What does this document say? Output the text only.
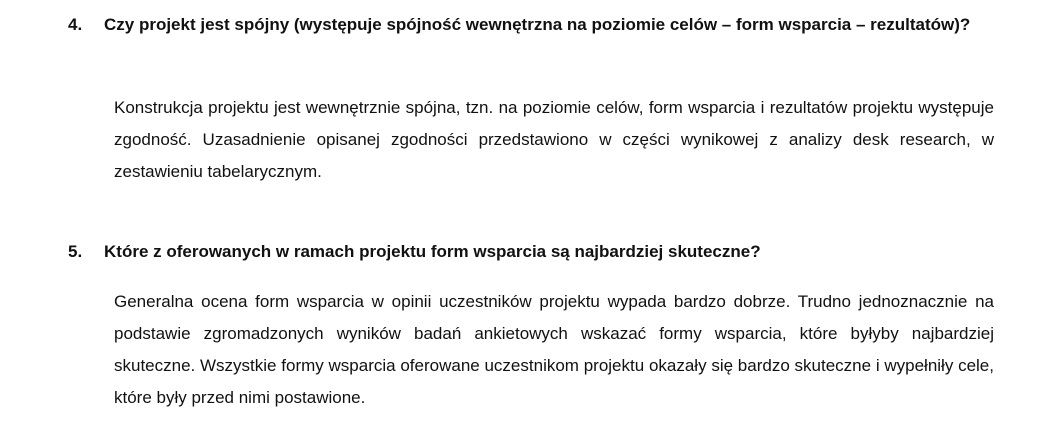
4. Czy projekt jest spójny (występuje spójność wewnętrzna na poziomie celów – form wsparcia – rezultatów)?
Konstrukcja projektu jest wewnętrznie spójna, tzn. na poziomie celów, form wsparcia i rezultatów projektu występuje zgodność. Uzasadnienie opisanej zgodności przedstawiono w części wynikowej z analizy desk research, w zestawieniu tabelarycznym.
5. Które z oferowanych w ramach projektu form wsparcia są najbardziej skuteczne?
Generalna ocena form wsparcia w opinii uczestników projektu wypada bardzo dobrze. Trudno jednoznacznie na podstawie zgromadzonych wyników badań ankietowych wskazać formy wsparcia, które byłyby najbardziej skuteczne. Wszystkie formy wsparcia oferowane uczestnikom projektu okazały się bardzo skuteczne i wypełniły cele, które były przed nimi postawione.
